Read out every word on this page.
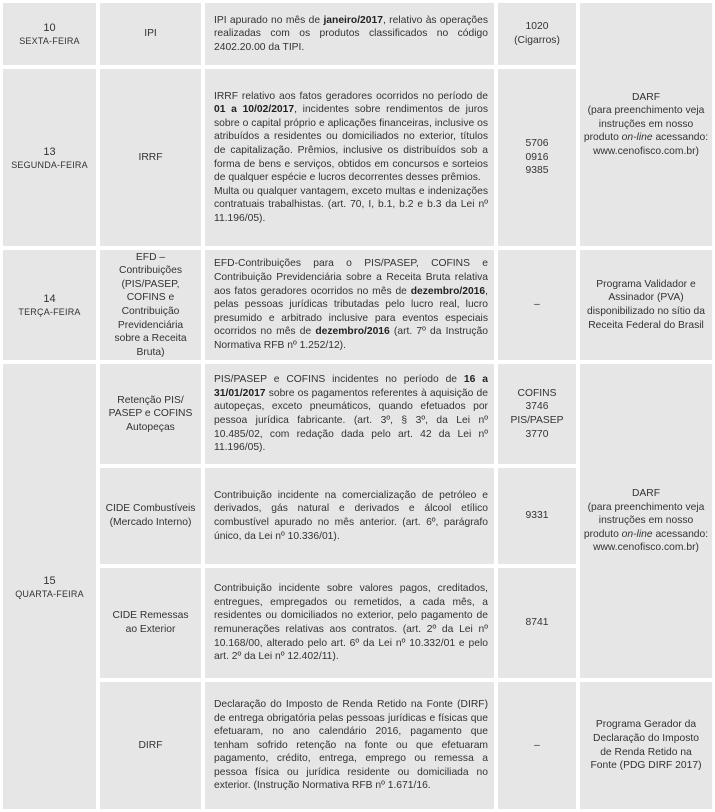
10
SEXTA-FEIRA
13
SEGUNDA-FEIRA
14
TERÇA-FEIRA
15
QUARTA-FEIRA
IPI
IPI apurado no mês de janeiro/2017, relativo às operações realizadas com os produtos classificados no código 2402.20.00 da TIPI.
1020
(Cigarros)
IRRF
IRRF relativo aos fatos geradores ocorridos no período de 01 a 10/02/2017, incidentes sobre rendimentos de juros sobre o capital próprio e aplicações financeiras, inclusive os atribuídos a residentes ou domiciliados no exterior, títulos de capitalização. Prêmios, inclusive os distribuídos sob a forma de bens e serviços, obtidos em concursos e sorteios de qualquer espécie e lucros decorrentes desses prêmios.
Multa ou qualquer vantagem, exceto multas e indenizações contratuais trabalhistas. (art. 70, I, b.1, b.2 e b.3 da Lei nº 11.196/05).
5706
0916
9385
DARF
(para preenchimento veja instruções em nosso produto on-line acessando: www.cenofisco.com.br)
EFD – Contribuições (PIS/PASEP, COFINS e Contribuição Previdenciária sobre a Receita Bruta)
EFD-Contribuições para o PIS/PASEP, COFINS e Contribuição Previdenciária sobre a Receita Bruta relativa aos fatos geradores ocorridos no mês de dezembro/2016, pelas pessoas jurídicas tributadas pelo lucro real, lucro presumido e arbitrado inclusive para eventos especiais ocorridos no mês de dezembro/2016 (art. 7º da Instrução Normativa RFB nº 1.252/12).
–
Programa Validador e Assinador (PVA) disponibilizado no sítio da Receita Federal do Brasil
Retenção PIS/ PASEP e COFINS Autopeças
PIS/PASEP e COFINS incidentes no período de 16 a 31/01/2017 sobre os pagamentos referentes à aquisição de autopeças, exceto pneumáticos, quando efetuados por pessoa jurídica fabricante. (art. 3º, § 3º, da Lei nº 10.485/02, com redação dada pelo art. 42 da Lei nº 11.196/05).
COFINS
3746
PIS/PASEP
3770
CIDE Combustíveis (Mercado Interno)
Contribuição incidente na comercialização de petróleo e derivados, gás natural e derivados e álcool etílico combustível apurado no mês anterior. (art. 6º, parágrafo único, da Lei nº 10.336/01).
9331
CIDE Remessas ao Exterior
Contribuição incidente sobre valores pagos, creditados, entregues, empregados ou remetidos, a cada mês, a residentes ou domiciliados no exterior, pelo pagamento de remunerações relativas aos contratos. (art. 2º da Lei nº 10.168/00, alterado pelo art. 6º da Lei nº 10.332/01 e pelo art. 2º da Lei nº 12.402/11).
8741
DARF
(para preenchimento veja instruções em nosso produto on-line acessando: www.cenofisco.com.br)
DIRF
Declaração do Imposto de Renda Retido na Fonte (DIRF) de entrega obrigatória pelas pessoas jurídicas e físicas que efetuaram, no ano calendário 2016, pagamento que tenham sofrido retenção na fonte ou que efetuaram pagamento, crédito, entrega, emprego ou remessa a pessoa física ou jurídica residente ou domiciliada no exterior. (Instrução Normativa RFB nº 1.671/16.
–
Programa Gerador da Declaração do Imposto de Renda Retido na Fonte (PDG DIRF 2017)
